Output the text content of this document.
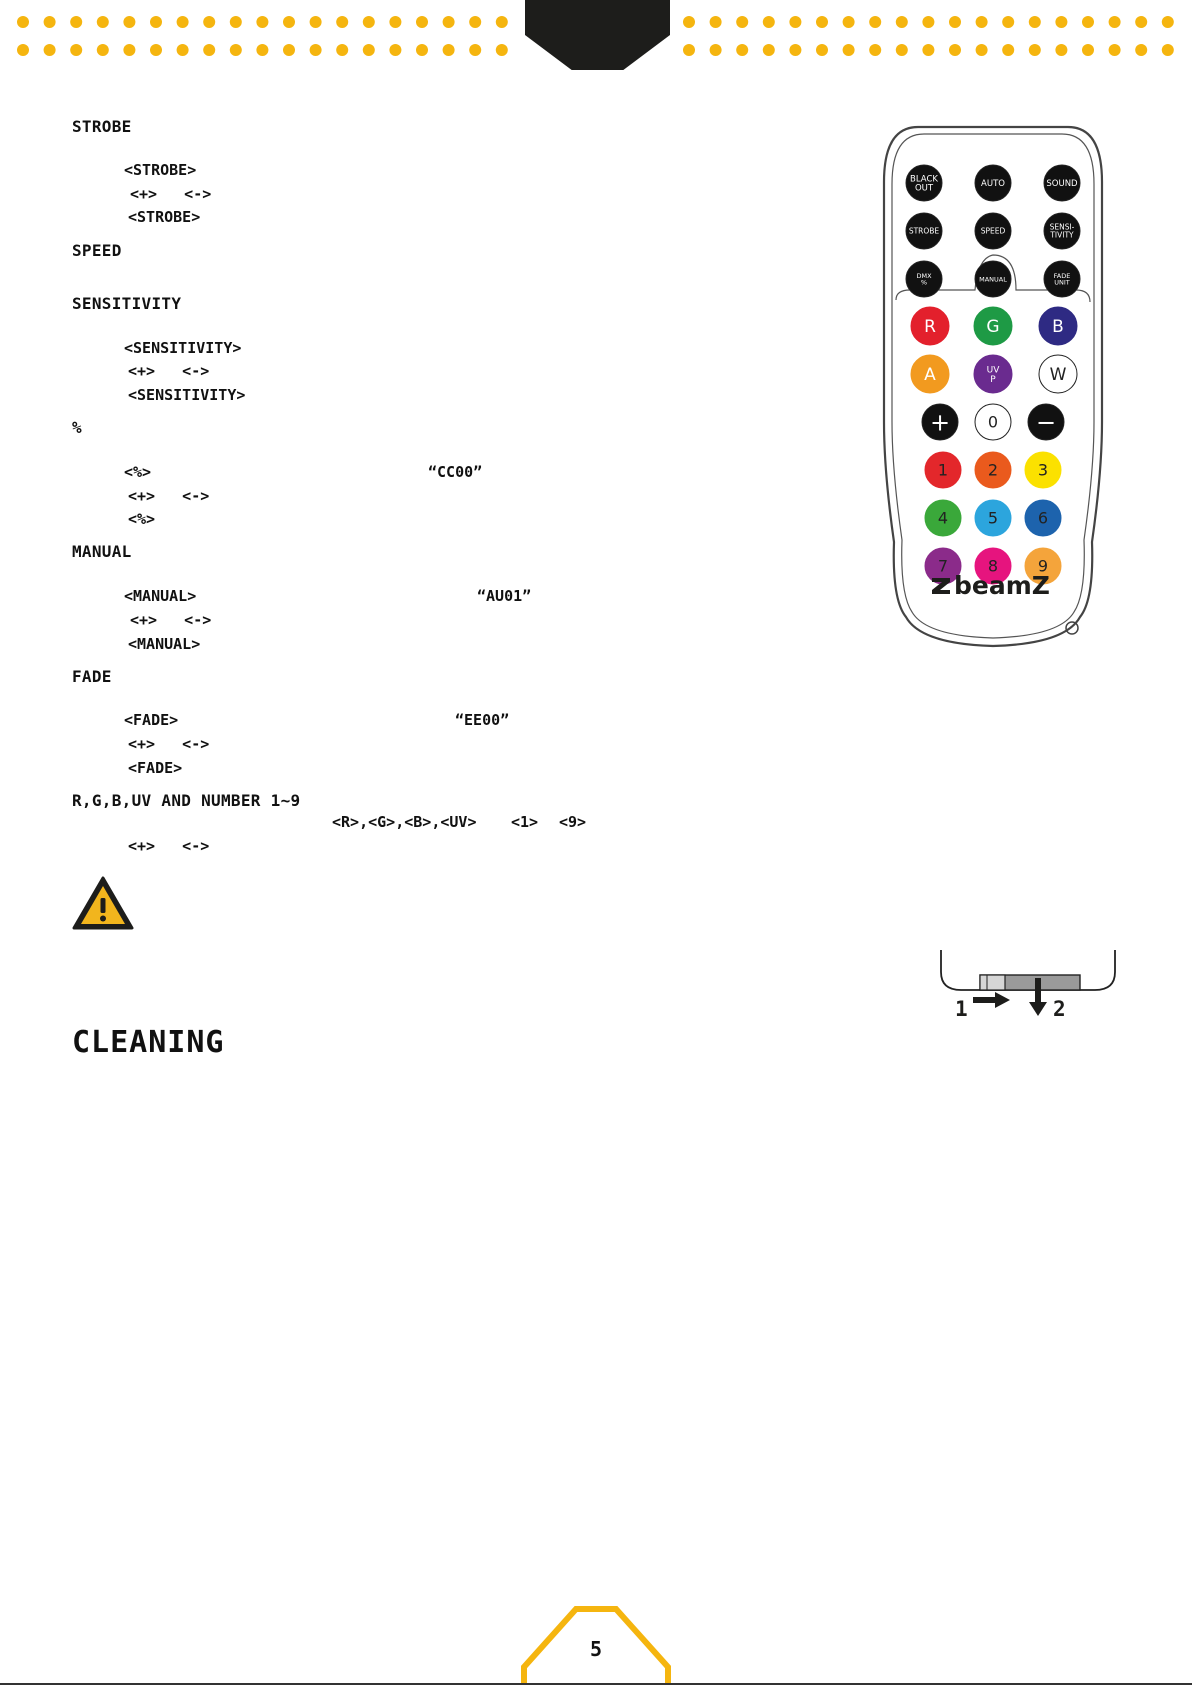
STROBE
<STROBE>
<+>   <->
<STROBE>
SPEED
SENSITIVITY
<SENSITIVITY>
<+>   <->
<SENSITIVITY>
%
<%>	“CC00”
<+>   <->
<%>
MANUAL
<MANUAL>	“AU01”
<+>   <->
<MANUAL>
FADE
<FADE>	“EE00”
<+>   <->
<FADE>
R,G,B,UV AND NUMBER 1~9
<R>,<G>,<B>,<UV> <1> <9>
<+>   <->
CLEANING
BLACK
OUT	AUTO	SOUND
STROBE	SPEED	SENSI-
TIVITY
DMX
%	MANUAL	FADE
UNIT
R	G	B
A	UV
P	W
+ 0 −
1 2 3
4 5 6
7 8 9
beamZ
1	2
5
